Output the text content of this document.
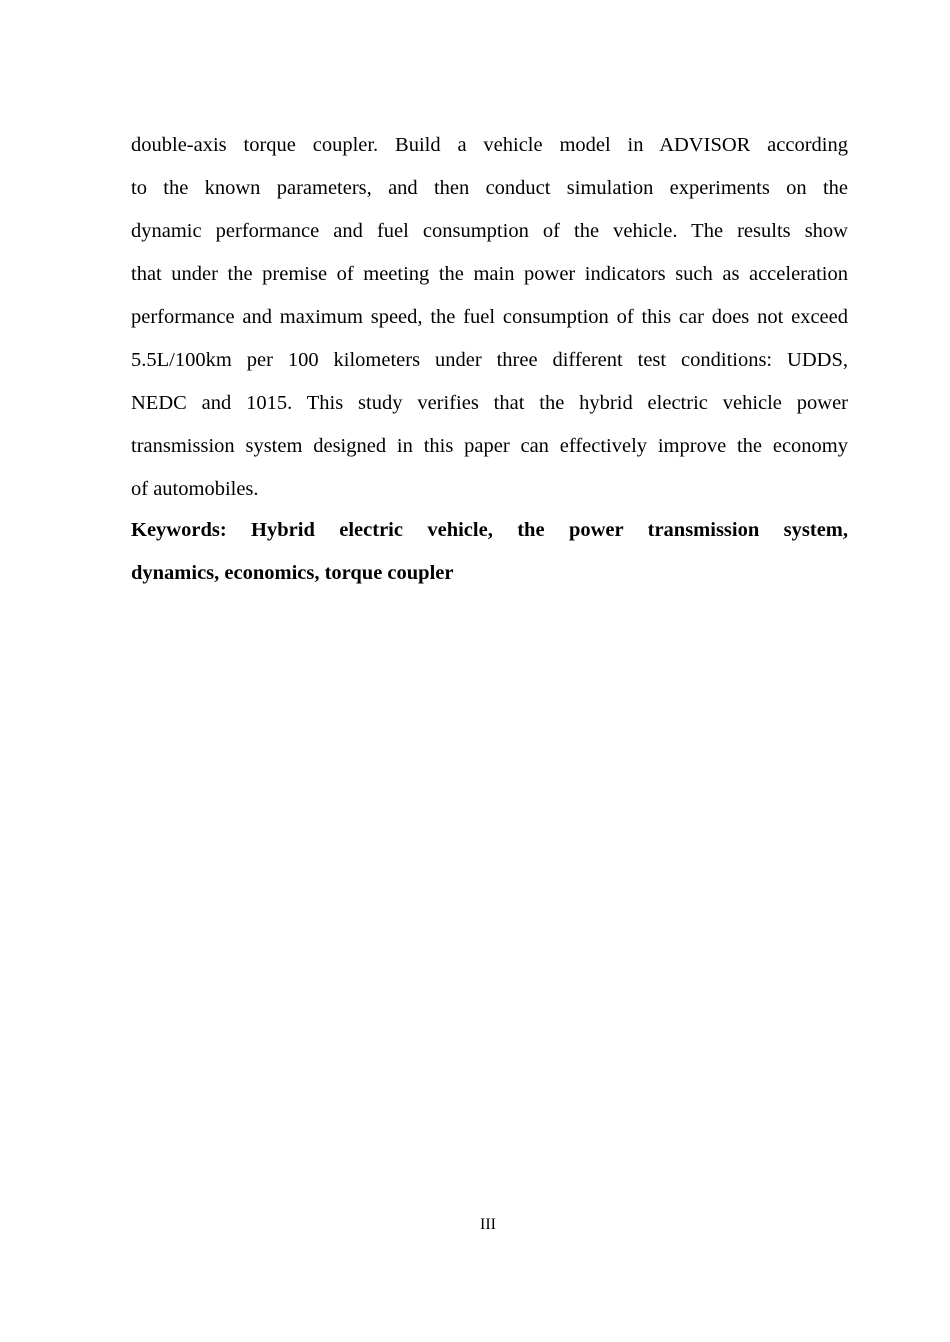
double-axis torque coupler. Build a vehicle model in ADVISOR according
to the known parameters, and then conduct simulation experiments on the
dynamic performance and fuel consumption of the vehicle. The results show
that under the premise of meeting the main power indicators such as acceleration
performance and maximum speed, the fuel consumption of this car does not exceed
5.5L/100km per 100 kilometers under three different test conditions: UDDS,
NEDC and 1015. This study verifies that the hybrid electric vehicle power
transmission system designed in this paper can effectively improve the economy
of automobiles.
Keywords: Hybrid electric vehicle, the power transmission system,
dynamics, economics, torque coupler
III
